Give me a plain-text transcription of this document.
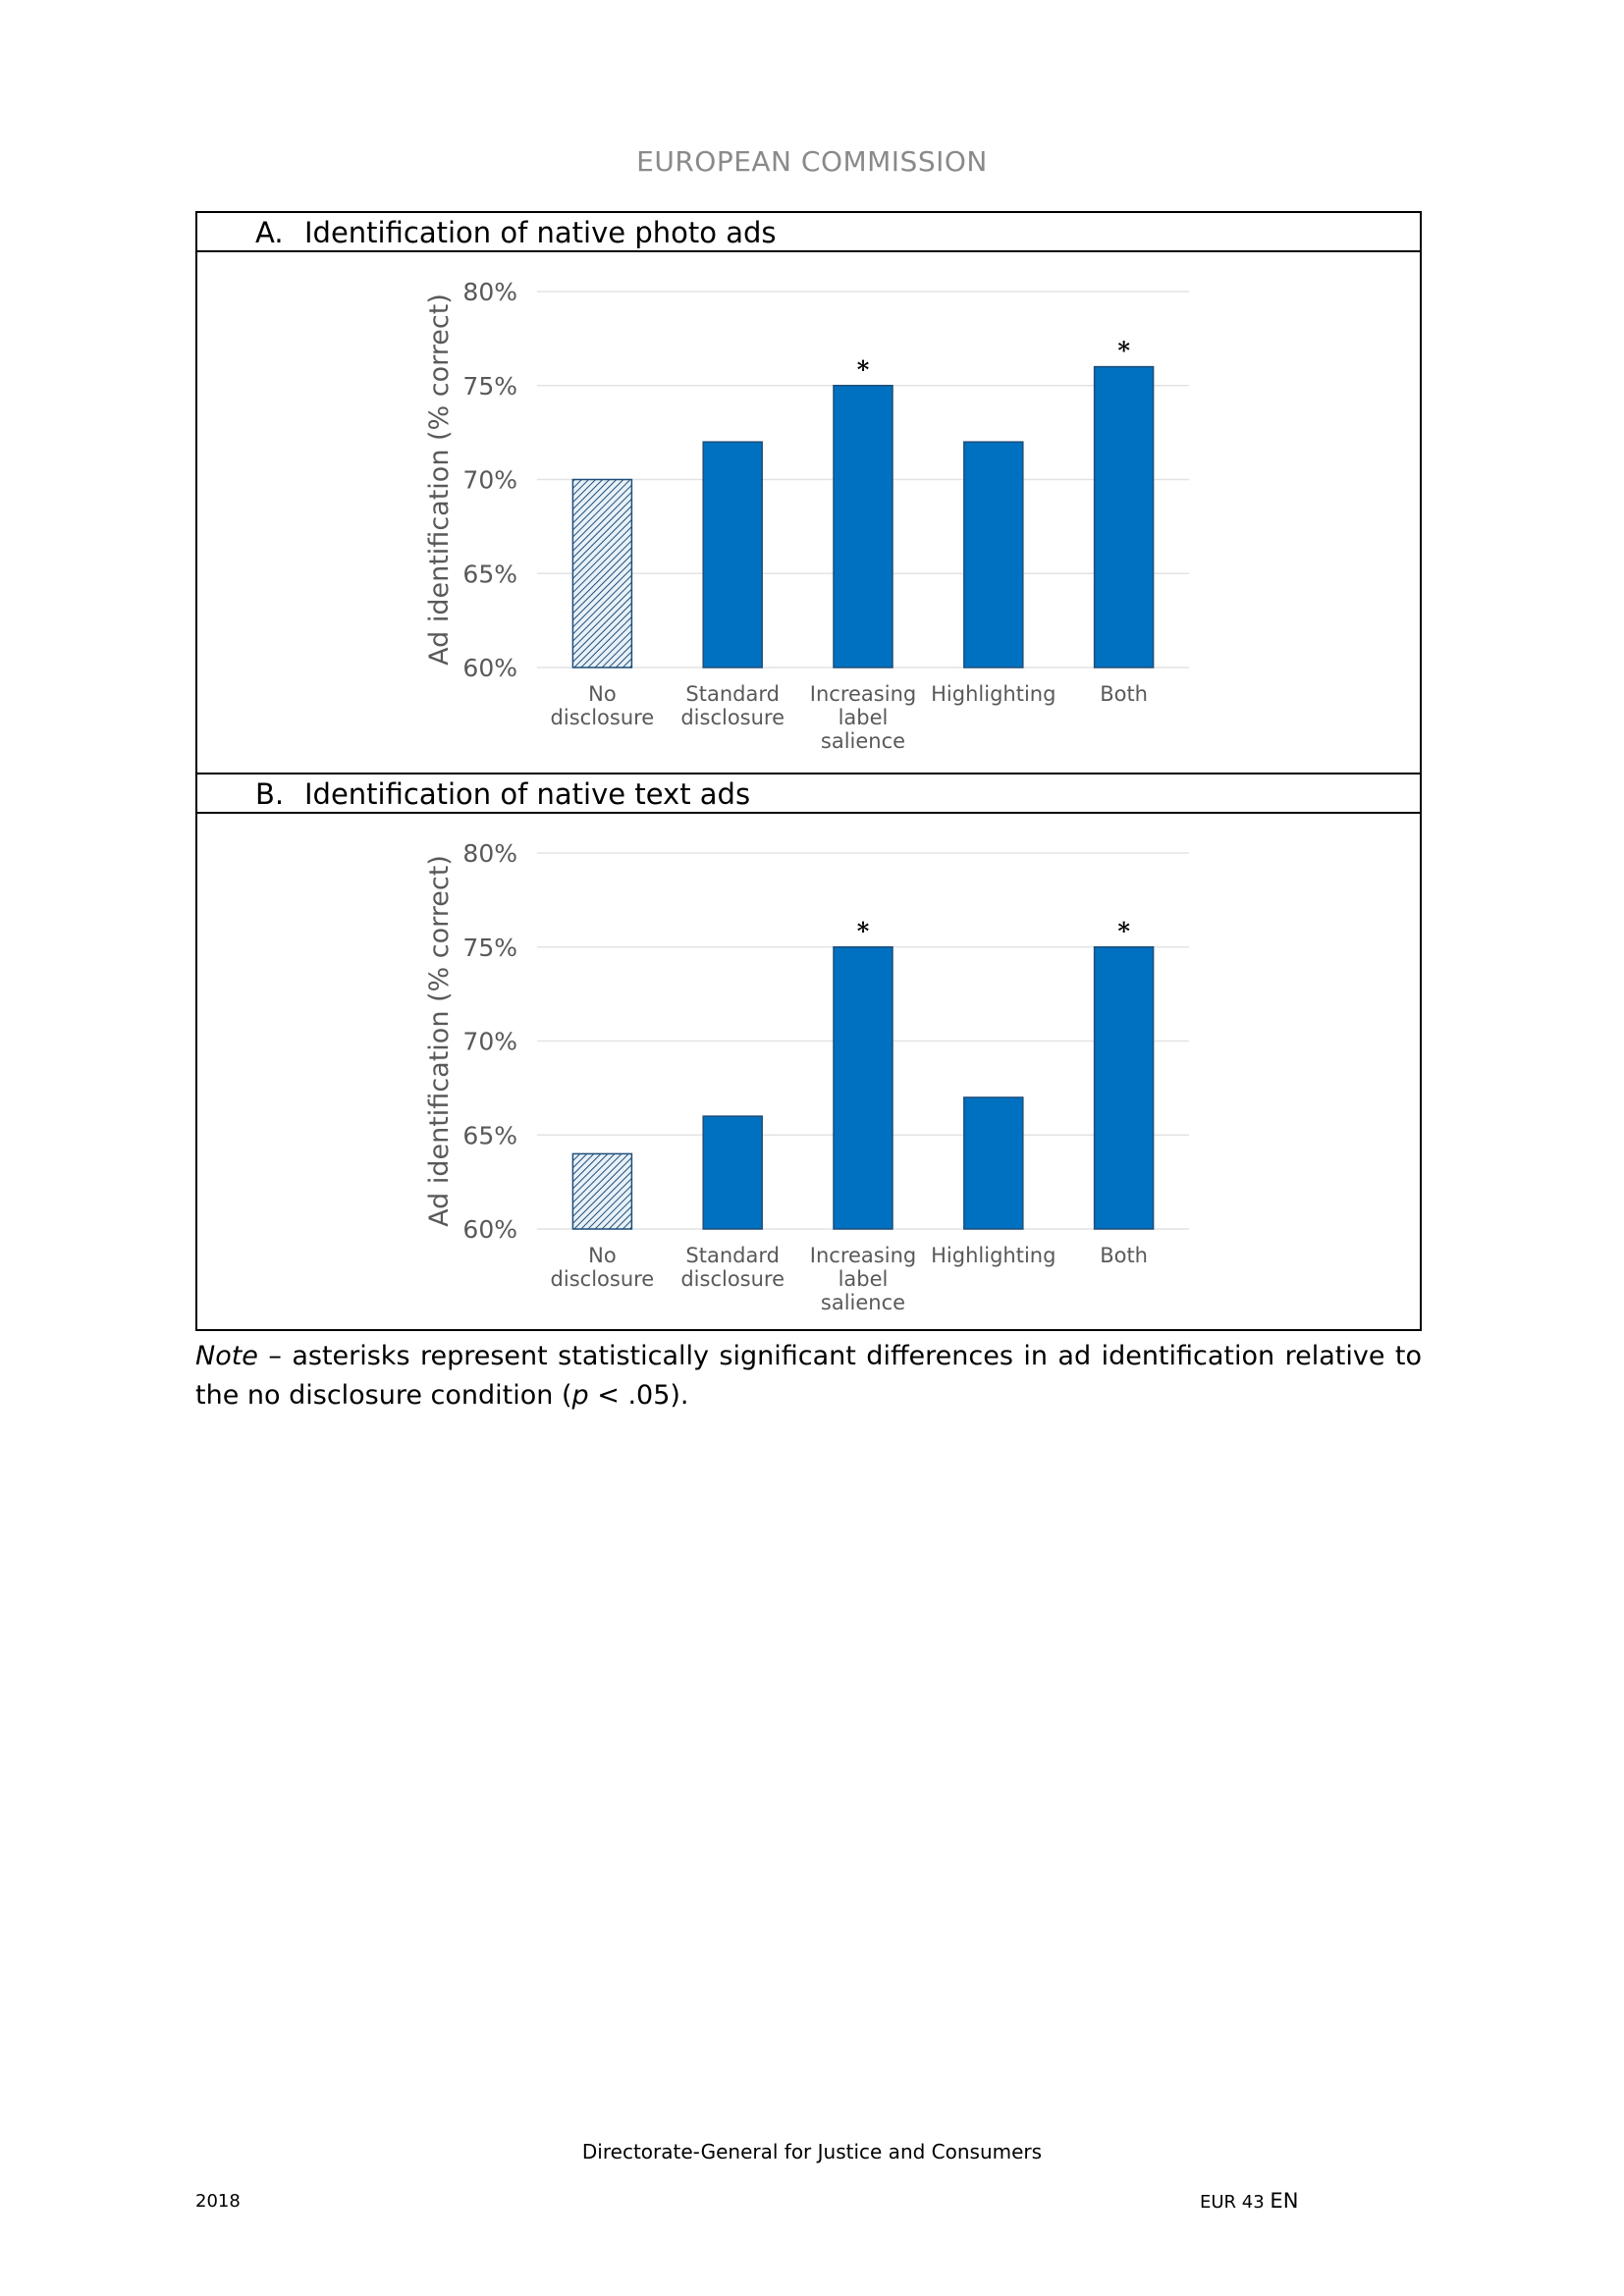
EUROPEAN COMMISSION
A. Identification of native photo ads
60%
65%
70%
75%
80%
Ad identification (% correct)
No disclosure
Standard disclosure
*
Increasing label salience
Highlighting
*
Both
B. Identification of native text ads
60%
65%
70%
75%
80%
Ad identification (% correct)
No disclosure
Standard disclosure
*
Increasing label salience
Highlighting
*
Both
Note – asterisks represent statistically significant differences in ad identification relative to the no disclosure condition (p < .05).
Directorate-General for Justice and Consumers
2018	EUR 43 EN
